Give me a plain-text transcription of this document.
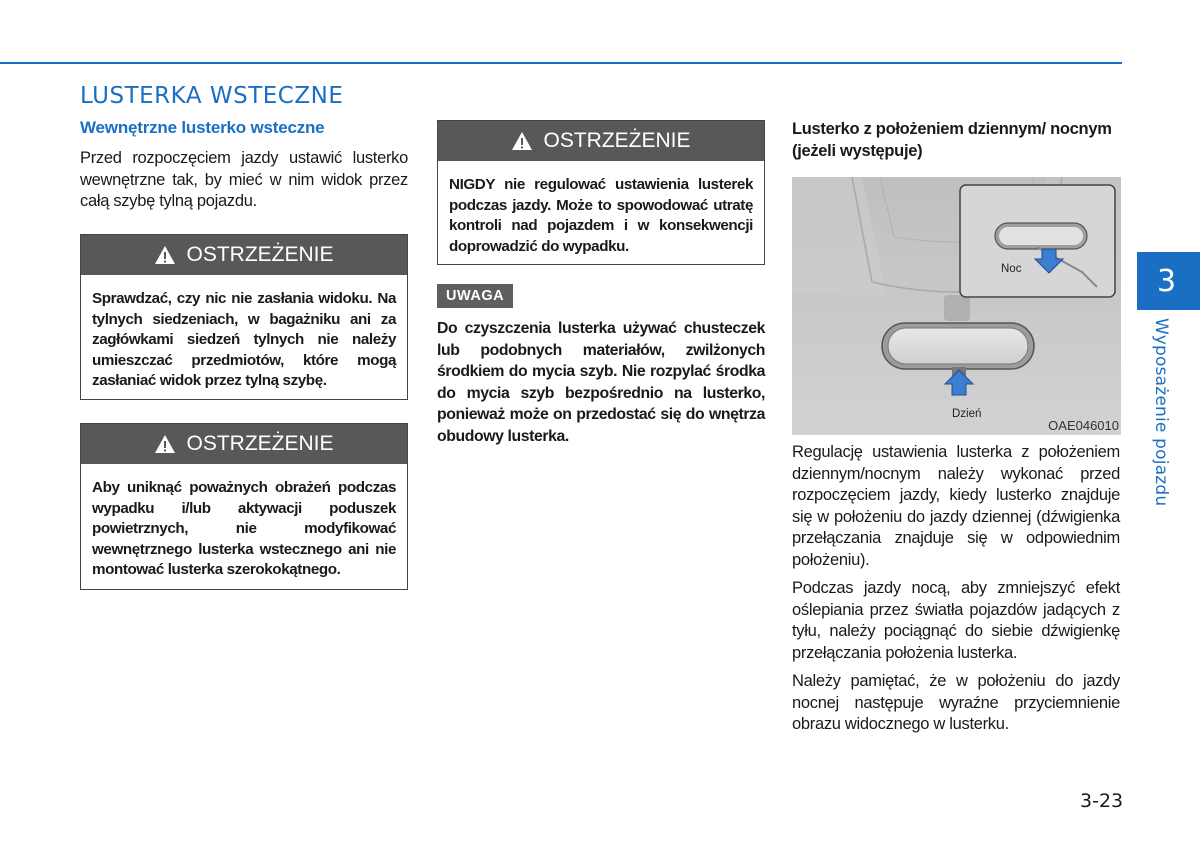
LUSTERKA WSTECZNE
Wewnętrzne lusterko wsteczne

Przed rozpoczęciem jazdy ustawić lusterko wewnętrzne tak, by mieć w nim widok przez całą szybę tylną pojazdu.

OSTRZEŻENIE
Sprawdzać, czy nic nie zasłania widoku. Na tylnych siedzeniach, w bagażniku ani za zagłówkami siedzeń tylnych nie należy umieszczać przedmiotów, które mogą zasłaniać widok przez tylną szybę.
OSTRZEŻENIE
Aby uniknąć poważnych obrażeń podczas wypadku i/lub aktywacji poduszek powietrznych, nie modyfikować wewnętrznego lusterka wstecznego ani nie montować lusterka szerokokątnego.
OSTRZEŻENIE
NIGDY nie regulować ustawienia lusterek podczas jazdy. Może to spowodować utratę kontroli nad pojazdem i w konsekwencji doprowadzić do wypadku.
UWAGA

Do czyszczenia lusterka używać chusteczek lub podobnych materiałów, zwilżonych środkiem do mycia szyb. Nie rozpylać środka do mycia szyb bezpośrednio na lusterko, ponieważ może on przedostać się do wnętrza obudowy lusterka.

Lusterko z położeniem dziennym/ nocnym (jeżeli występuje)
Noc
Dzień
OAE046010

Regulację ustawienia lusterka z położeniem dziennym/nocnym należy wykonać przed rozpoczęciem jazdy, kiedy lusterko znajduje się w położeniu do jazdy dziennej (dźwigienka przełączania znajduje się w odpowiednim położeniu).

Podczas jazdy nocą, aby zmniejszyć efekt oślepiania przez światła pojazdów jadących z tyłu, należy pociągnąć do siebie dźwigienkę przełączania położenia lusterka.

Należy pamiętać, że w położeniu do jazdy nocnej następuje wyraźne przyciemnienie obrazu widocznego w lusterku.

3
Wyposażenie pojazdu
3-23
